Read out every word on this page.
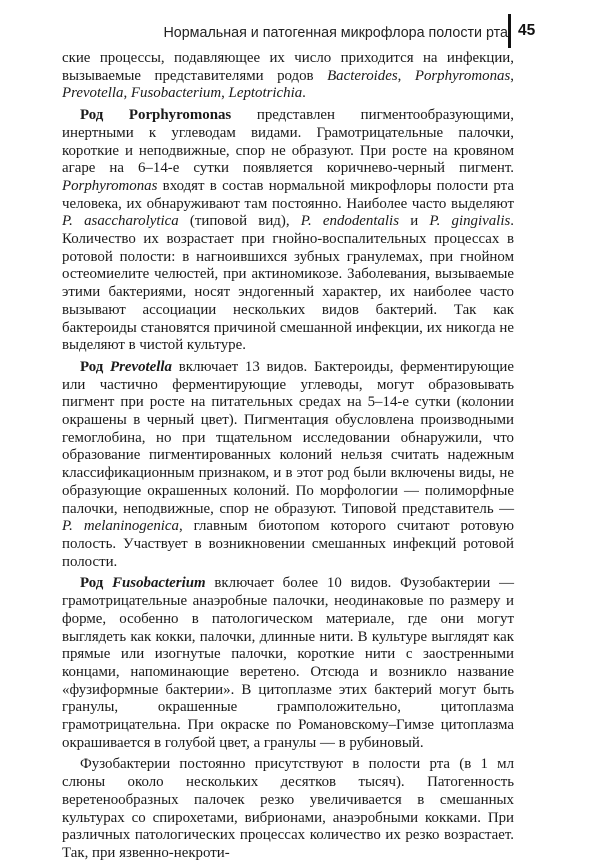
Нормальная и патогенная микрофлора полости рта 45

ские процессы, подавляющее их число приходится на инфекции, вызываемые представителями родов Bacteroides, Porphyromonas, Prevotella, Fusobacterium, Leptotrichia.

Род Porphyromonas представлен пигментообразующими, инертными к углеводам видами. Грамотрицательные палочки, короткие и неподвижные, спор не образуют. При росте на кровяном агаре на 6–14-е сутки появляется коричнево-черный пигмент. Porphyromonas входят в состав нормальной микрофлоры полости рта человека, их обнаруживают там постоянно. Наиболее часто выделяют P. asaccharolytica (типовой вид), P. endodentalis и P. gingivalis. Количество их возрастает при гнойно-воспалительных процессах в ротовой полости: в нагноившихся зубных гранулемах, при гнойном остеомиелите челюстей, при актиномикозе. Заболевания, вызываемые этими бактериями, носят эндогенный характер, их наиболее часто вызывают ассоциации нескольких видов бактерий. Так как бактероиды становятся причиной смешанной инфекции, их никогда не выделяют в чистой культуре.

Род Prevotella включает 13 видов. Бактероиды, ферментирующие или частично ферментирующие углеводы, могут образовывать пигмент при росте на питательных средах на 5–14-е сутки (колонии окрашены в черный цвет). Пигментация обусловлена производными гемоглобина, но при тщательном исследовании обнаружили, что образование пигментированных колоний нельзя считать надежным классификационным признаком, и в этот род были включены виды, не образующие окрашенных колоний. По морфологии — полиморфные палочки, неподвижные, спор не образуют. Типовой представитель — P. melaninogenica, главным биотопом которого считают ротовую полость. Участвует в возникновении смешанных инфекций ротовой полости.

Род Fusobacterium включает более 10 видов. Фузобактерии — грамотрицательные анаэробные палочки, неодинаковые по размеру и форме, особенно в патологическом материале, где они могут выглядеть как кокки, палочки, длинные нити. В культуре выглядят как прямые или изогнутые палочки, короткие нити с заостренными концами, напоминающие веретено. Отсюда и возникло название «фузиформные бактерии». В цитоплазме этих бактерий могут быть гранулы, окрашенные грамположительно, цитоплазма грамотрицательна. При окраске по Романовскому–Гимзе цитоплазма окрашивается в голубой цвет, а гранулы — в рубиновый.

Фузобактерии постоянно присутствуют в полости рта (в 1 мл слюны около нескольких десятков тысяч). Патогенность веретенообразных палочек резко увеличивается в смешанных культурах со спирохетами, вибрионами, анаэробными кокками. При различных патологических процессах количество их резко возрастает. Так, при язвенно-некроти-
